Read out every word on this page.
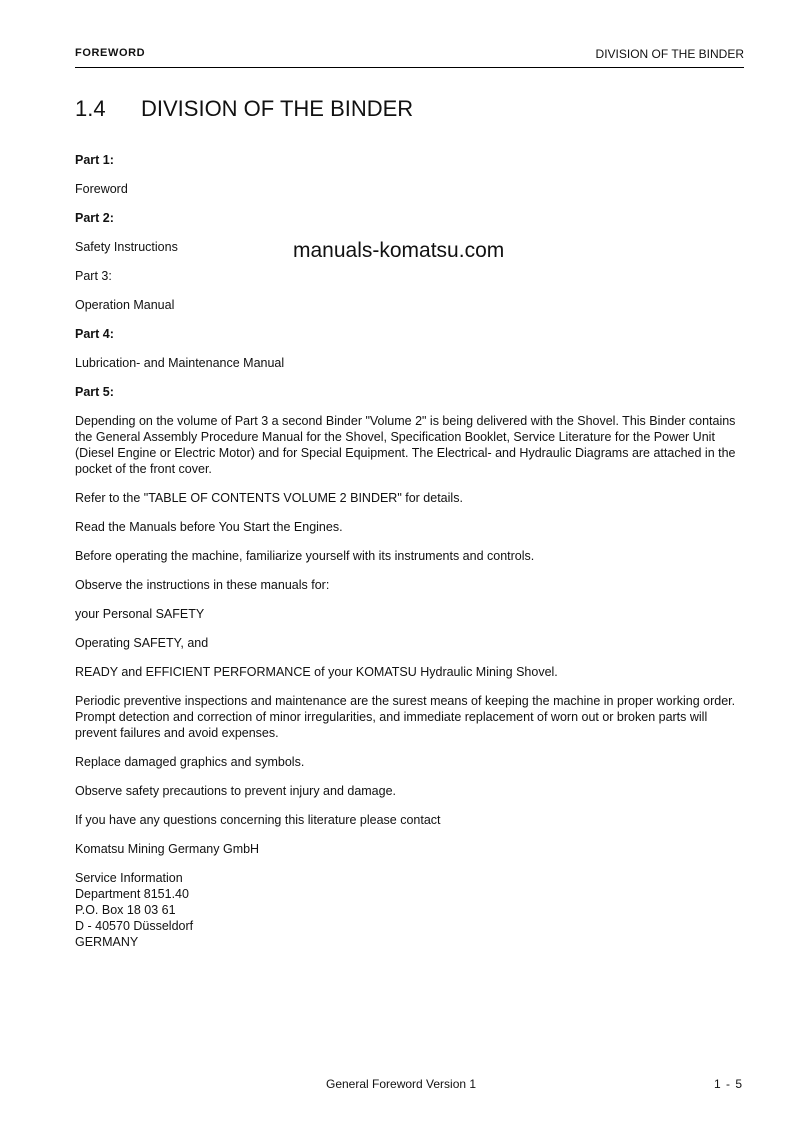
FOREWORD	DIVISION OF THE BINDER
1.4 DIVISION OF THE BINDER
manuals-komatsu.com

Part 1:

Foreword

Part 2:

Safety Instructions

Part 3:

Operation Manual

Part 4:

Lubrication- and Maintenance Manual

Part 5:

Depending on the volume of Part 3 a second Binder "Volume 2" is being delivered with the Shovel. This Binder contains the General Assembly Procedure Manual for the Shovel, Specification Booklet, Service Literature for the Power Unit (Diesel Engine or Electric Motor) and for Special Equipment. The Electrical- and Hydraulic Diagrams are attached in the pocket of the front cover.

Refer to the "TABLE OF CONTENTS VOLUME 2 BINDER" for details.

Read the Manuals before You Start the Engines.

Before operating the machine, familiarize yourself with its instruments and controls.

Observe the instructions in these manuals for:

your Personal SAFETY

Operating SAFETY, and

READY and EFFICIENT PERFORMANCE of your KOMATSU Hydraulic Mining Shovel.

Periodic preventive inspections and maintenance are the surest means of keeping the machine in proper working order. Prompt detection and correction of minor irregularities, and immediate replacement of worn out or broken parts will prevent failures and avoid expenses.

Replace damaged graphics and symbols.

Observe safety precautions to prevent injury and damage.

If you have any questions concerning this literature please contact

Komatsu Mining Germany GmbH

Service Information
Department 8151.40
P.O. Box 18 03 61
D - 40570 Düsseldorf
GERMANY
General Foreword Version 1	1 - 5
